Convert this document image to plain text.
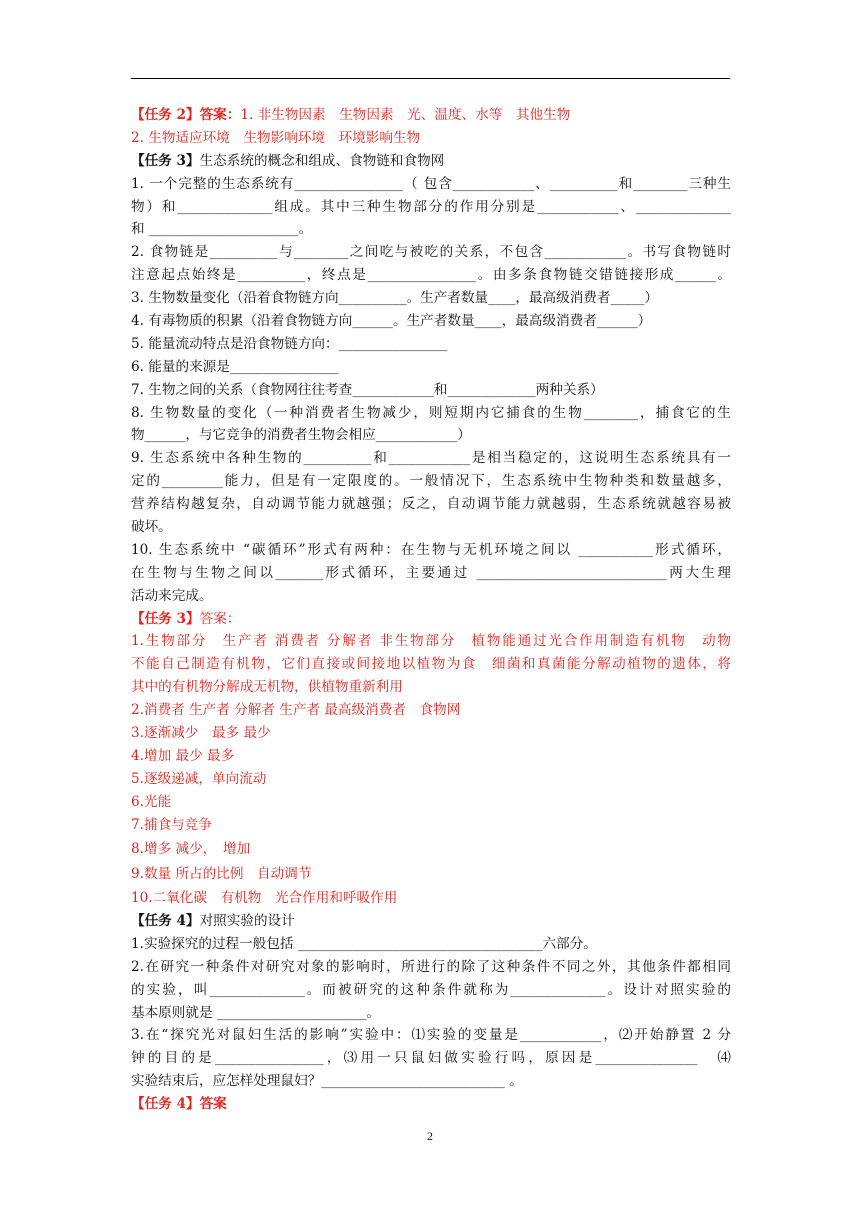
【任务 2】答案：1. 非生物因素　生物因素　光、温度、水等　其他生物
2. 生物适应环境　生物影响环境　环境影响生物
【任务 3】生态系统的概念和组成、食物链和食物网
1. 一个完整的生态系统有________________（ 包含____________、__________和________三种生
物）和______________组成。其中三种生物部分的作用分别是____________、______________
和 ______________________。
2. 食物链是__________与________之间吃与被吃的关系，不包含____________。书写食物链时
注意起点始终是__________，终点是________________。由多条食物链交错链接形成______。
3. 生物数量变化（沿着食物链方向__________。生产者数量____，最高级消费者_____）
4. 有毒物质的积累（沿着食物链方向______。生产者数量____，最高级消费者______）
5. 能量流动特点是沿食物链方向：________________
6. 能量的来源是________________
7. 生物之间的关系（食物网往往考查____________和_____________两种关系）
8. 生物数量的变化（一种消费者生物减少，则短期内它捕食的生物________，捕食它的生
物______，与它竞争的消费者生物会相应____________）
9. 生态系统中各种生物的__________和____________是相当稳定的，这说明生态系统具有一
定的_________能力，但是有一定限度的。一般情况下，生态系统中生物种类和数量越多，
营养结构越复杂，自动调节能力就越强；反之，自动调节能力就越弱，生态系统就越容易被
破坏。
10. 生态系统中 “碳循环”形式有两种：在生物与无机环境之间以 ___________形式循环，
在生物与生物之间以_______形式循环，主要通过 ____________________________两大生理
活动来完成。
【任务 3】答案：
1.生物部分　生产者 消费者 分解者 非生物部分　植物能通过光合作用制造有机物　动物
不能自己制造有机物，它们直接或间接地以植物为食　细菌和真菌能分解动植物的遗体，将
其中的有机物分解成无机物，供植物重新利用
2.消费者 生产者 分解者 生产者 最高级消费者　食物网
3.逐渐减少　最多 最少
4.增加 最少 最多
5.逐级递减，单向流动
6.光能
7.捕食与竞争
8.增多 减少，　增加
9.数量 所占的比例　自动调节
10.二氧化碳　有机物　光合作用和呼吸作用
【任务 4】对照实验的设计
1.实验探究的过程一般包括 ____________________________________六部分。
2.在研究一种条件对研究对象的影响时，所进行的除了这种条件不同之外，其他条件都相同
的实验，叫______________。而被研究的这种条件就称为______________。设计对照实验的
基本原则就是 ______________________。
3.在“探究光对鼠妇生活的影响”实验中：⑴实验的变量是____________，⑵开始静置 2 分
钟的目的是________________，⑶用一只鼠妇做实验行吗，原因是_______________　⑷
实验结束后，应怎样处理鼠妇？___________________________ 。
【任务 4】答案
2
